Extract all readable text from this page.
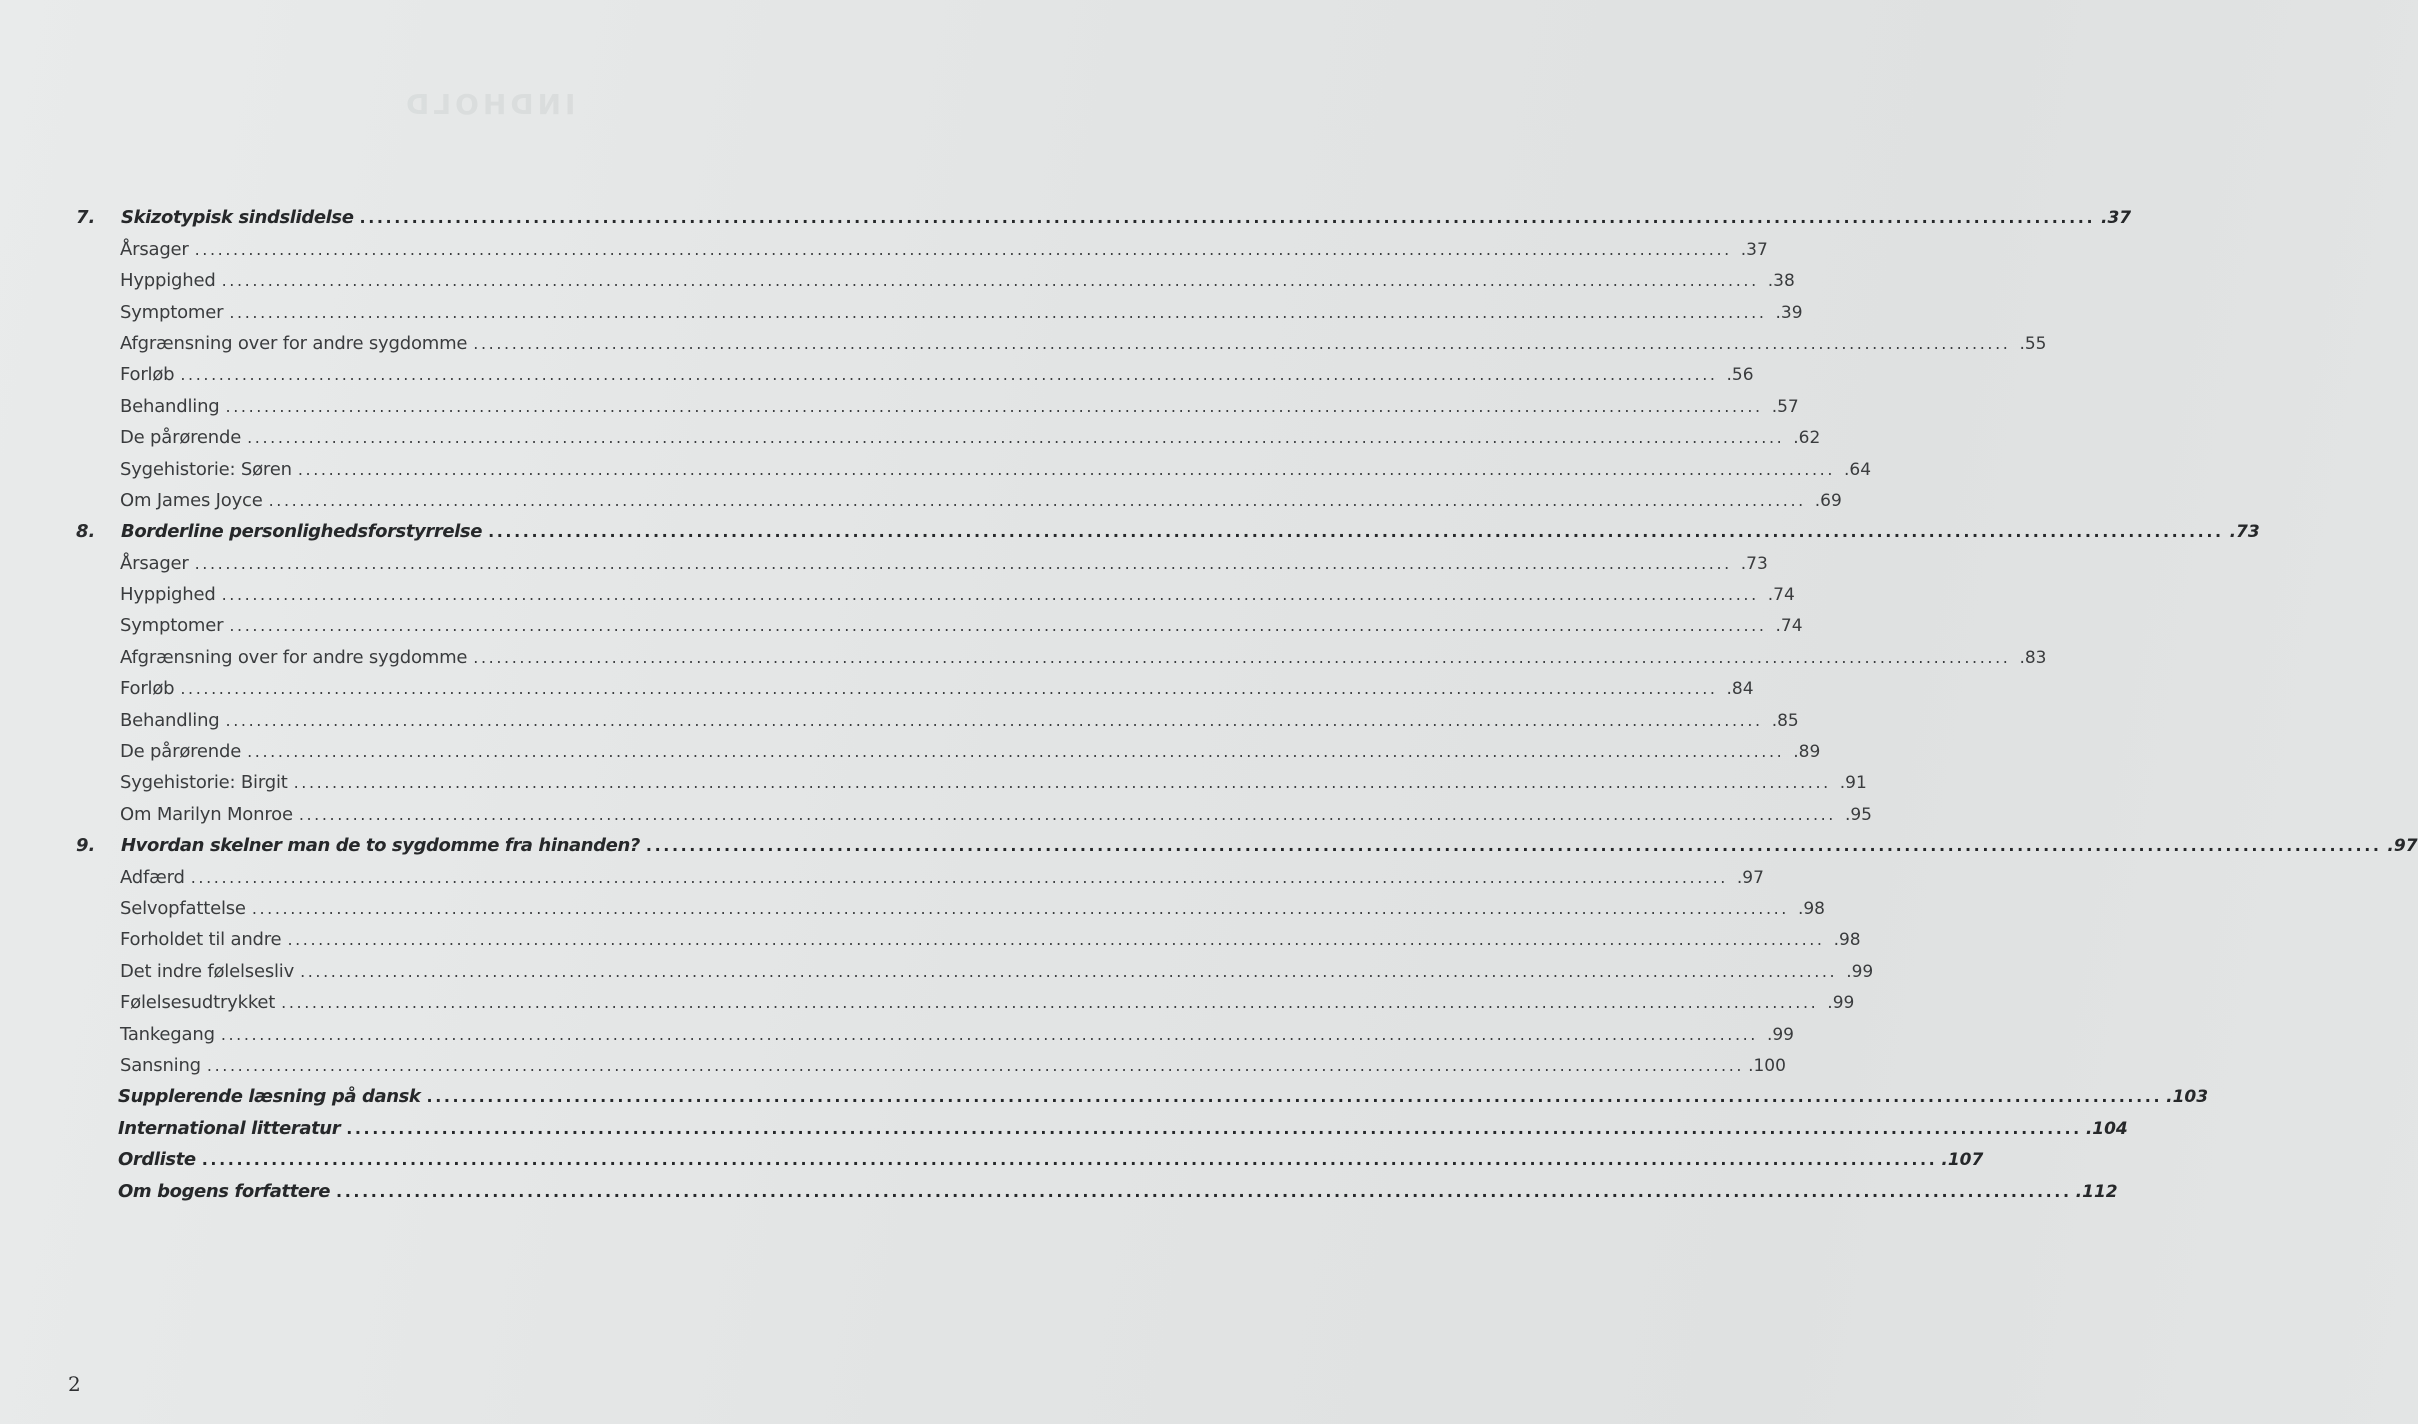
INDHOLD
7.	Skizotypisk sindslidelse ........................................................................................................................................................................................................ .37
Årsager ........................................................................................................................................................................................................ .37
Hyppighed ........................................................................................................................................................................................................ .38
Symptomer ........................................................................................................................................................................................................ .39
Afgrænsning over for andre sygdomme ........................................................................................................................................................................................................ .55
Forløb ........................................................................................................................................................................................................ .56
Behandling ........................................................................................................................................................................................................ .57
De pårørende ........................................................................................................................................................................................................ .62
Sygehistorie: Søren ........................................................................................................................................................................................................ .64
Om James Joyce ........................................................................................................................................................................................................ .69
8.	Borderline personlighedsforstyrrelse ........................................................................................................................................................................................................ .73
Årsager ........................................................................................................................................................................................................ .73
Hyppighed ........................................................................................................................................................................................................ .74
Symptomer ........................................................................................................................................................................................................ .74
Afgrænsning over for andre sygdomme ........................................................................................................................................................................................................ .83
Forløb ........................................................................................................................................................................................................ .84
Behandling ........................................................................................................................................................................................................ .85
De pårørende ........................................................................................................................................................................................................ .89
Sygehistorie: Birgit ........................................................................................................................................................................................................ .91
Om Marilyn Monroe ........................................................................................................................................................................................................ .95
9.	Hvordan skelner man de to sygdomme fra hinanden? ........................................................................................................................................................................................................ .97
Adfærd ........................................................................................................................................................................................................ .97
Selvopfattelse ........................................................................................................................................................................................................ .98
Forholdet til andre ........................................................................................................................................................................................................ .98
Det indre følelsesliv ........................................................................................................................................................................................................ .99
Følelsesudtrykket ........................................................................................................................................................................................................ .99
Tankegang ........................................................................................................................................................................................................ .99
Sansning ........................................................................................................................................................................................................ .100
Supplerende læsning på dansk ........................................................................................................................................................................................................ .103
International litteratur ........................................................................................................................................................................................................ .104
Ordliste ........................................................................................................................................................................................................ .107
Om bogens forfattere ........................................................................................................................................................................................................ .112
2
